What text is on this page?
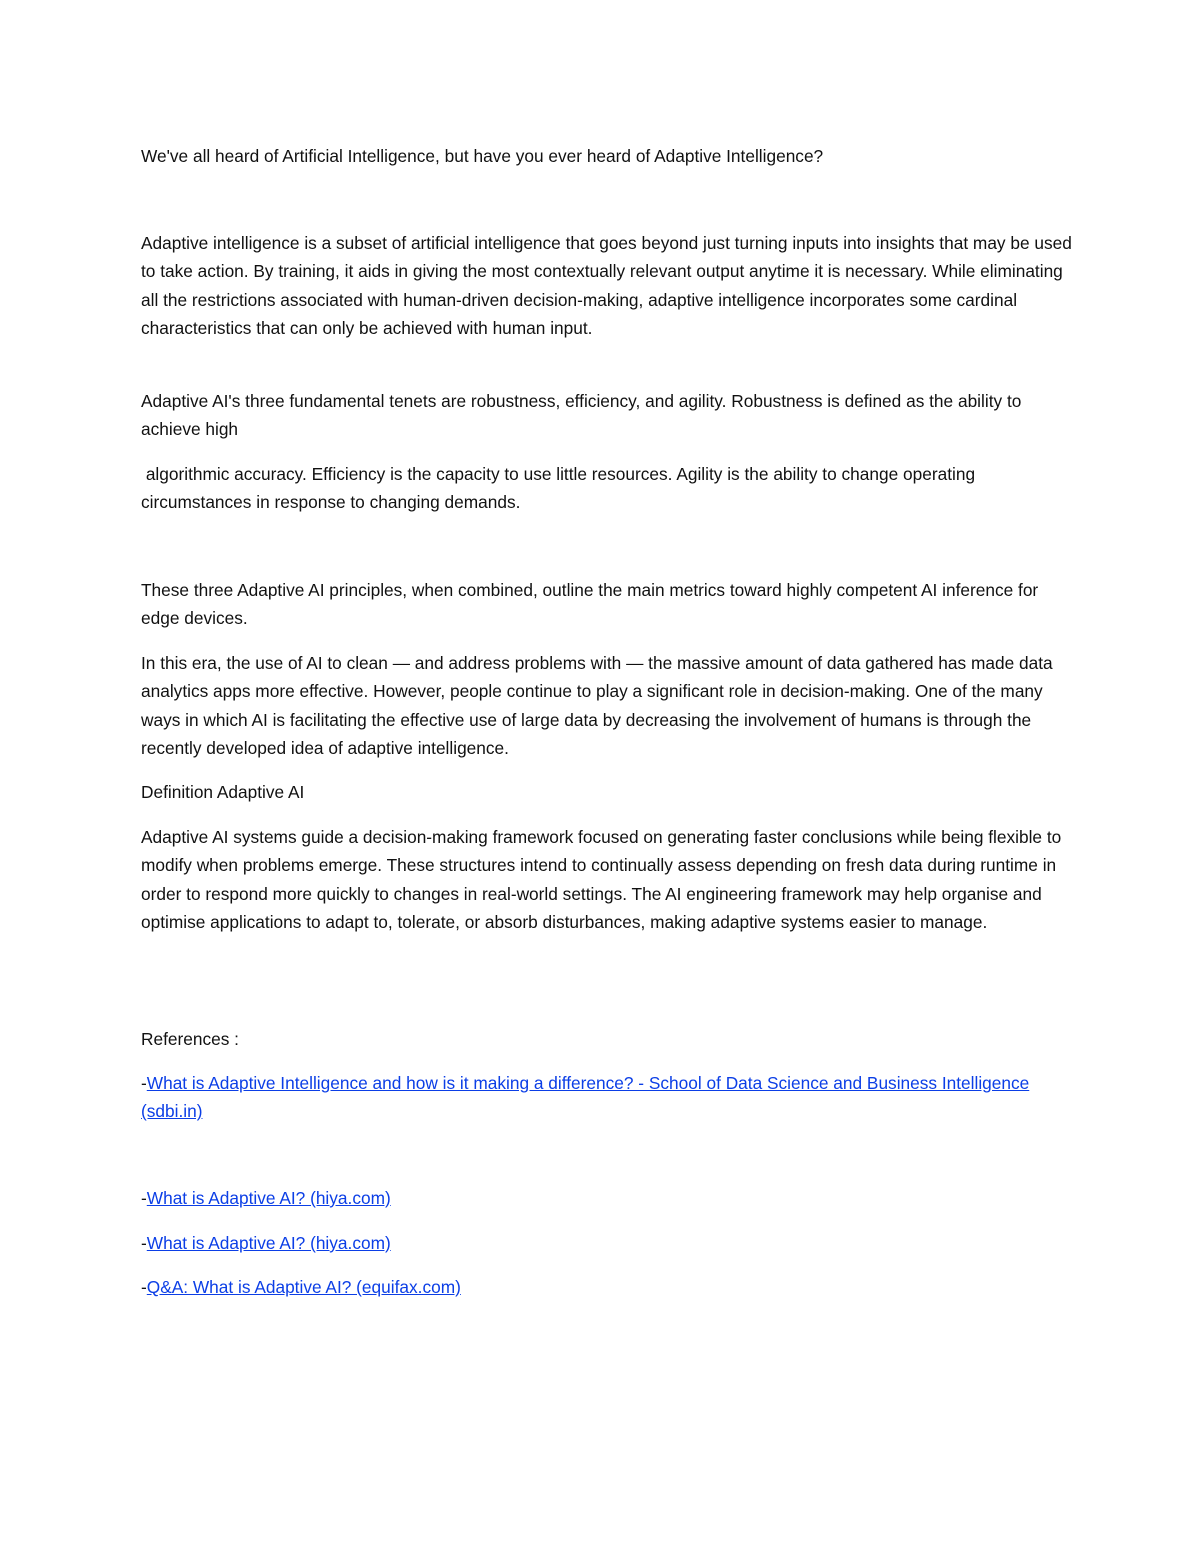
We've all heard of Artificial Intelligence, but have you ever heard of Adaptive Intelligence?

Adaptive intelligence is a subset of artificial intelligence that goes beyond just turning inputs into insights that may be used to take action. By training, it aids in giving the most contextually relevant output anytime it is necessary. While eliminating all the restrictions associated with human-driven decision-making, adaptive intelligence incorporates some cardinal characteristics that can only be achieved with human input.

Adaptive AI's three fundamental tenets are robustness, efficiency, and agility. Robustness is defined as the ability to achieve high

algorithmic accuracy. Efficiency is the capacity to use little resources. Agility is the ability to change operating circumstances in response to changing demands.

These three Adaptive AI principles, when combined, outline the main metrics toward highly competent AI inference for edge devices.

In this era, the use of AI to clean — and address problems with — the massive amount of data gathered has made data analytics apps more effective. However, people continue to play a significant role in decision-making. One of the many ways in which AI is facilitating the effective use of large data by decreasing the involvement of humans is through the recently developed idea of adaptive intelligence.

Definition Adaptive AI

Adaptive AI systems guide a decision-making framework focused on generating faster conclusions while being flexible to modify when problems emerge. These structures intend to continually assess depending on fresh data during runtime in order to respond more quickly to changes in real-world settings. The AI engineering framework may help organise and optimise applications to adapt to, tolerate, or absorb disturbances, making adaptive systems easier to manage.

References :

-What is Adaptive Intelligence and how is it making a difference? - School of Data Science and Business Intelligence (sdbi.in)

-What is Adaptive AI? (hiya.com)

-What is Adaptive AI? (hiya.com)

-Q&A: What is Adaptive AI? (equifax.com)
